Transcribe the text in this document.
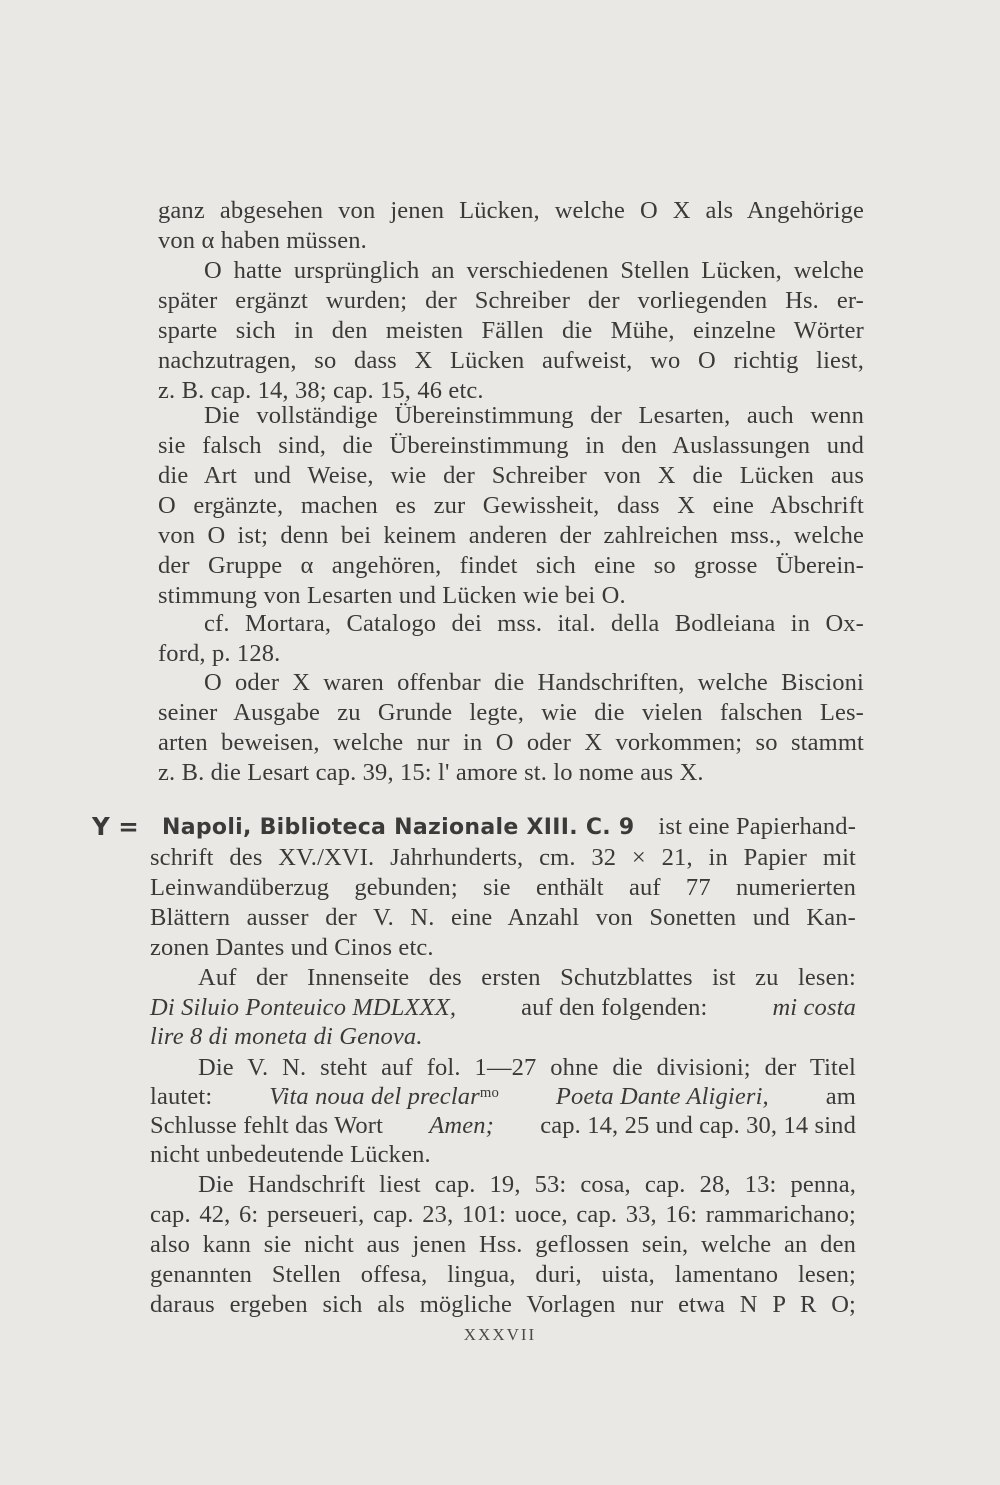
ganz abgesehen von jenen Lücken, welche O X als Angehörige
von α haben müssen.
O hatte ursprünglich an verschiedenen Stellen Lücken, welche
später ergänzt wurden; der Schreiber der vorliegenden Hs. er-
sparte sich in den meisten Fällen die Mühe, einzelne Wörter
nachzutragen, so dass X Lücken aufweist, wo O richtig liest,
z. B. cap. 14, 38; cap. 15, 46 etc.
Die vollständige Übereinstimmung der Lesarten, auch wenn
sie falsch sind, die Übereinstimmung in den Auslassungen und
die Art und Weise, wie der Schreiber von X die Lücken aus
O ergänzte, machen es zur Gewissheit, dass X eine Abschrift
von O ist; denn bei keinem anderen der zahlreichen mss., welche
der Gruppe α angehören, findet sich eine so grosse Überein-
stimmung von Lesarten und Lücken wie bei O.
cf. Mortara, Catalogo dei mss. ital. della Bodleiana in Ox-
ford, p. 128.
O oder X waren offenbar die Handschriften, welche Biscioni
seiner Ausgabe zu Grunde legte, wie die vielen falschen Les-
arten beweisen, welche nur in O oder X vorkommen; so stammt
z. B. die Lesart cap. 39, 15: l' amore st. lo nome aus X.
Y = Napoli, Biblioteca Nazionale XIII. C. 9 ist eine Papierhand-
schrift des XV./XVI. Jahrhunderts, cm. 32 × 21, in Papier mit
Leinwandüberzug gebunden; sie enthält auf 77 numerierten
Blättern ausser der V. N. eine Anzahl von Sonetten und Kan-
zonen Dantes und Cinos etc.
Auf der Innenseite des ersten Schutzblattes ist zu lesen:
Di Siluio Ponteuico MDLXXX,	auf den folgenden:	mi costa
lire 8 di moneta di Genova.
Die V. N. steht auf fol. 1—27 ohne die divisioni; der Titel
lautet: Vita noua del preclar$^{mo}$ Poeta Dante Aligieri, am
Schlusse fehlt das Wort Amen; cap. 14, 25 und cap. 30, 14 sind
nicht unbedeutende Lücken.
Die Handschrift liest cap. 19, 53: cosa, cap. 28, 13: penna,
cap. 42, 6: perseueri, cap. 23, 101: uoce, cap. 33, 16: rammarichano;
also kann sie nicht aus jenen Hss. geflossen sein, welche an den
genannten Stellen offesa, lingua, duri, uista, lamentano lesen;
daraus ergeben sich als mögliche Vorlagen nur etwa N P R O;
XXXVII
